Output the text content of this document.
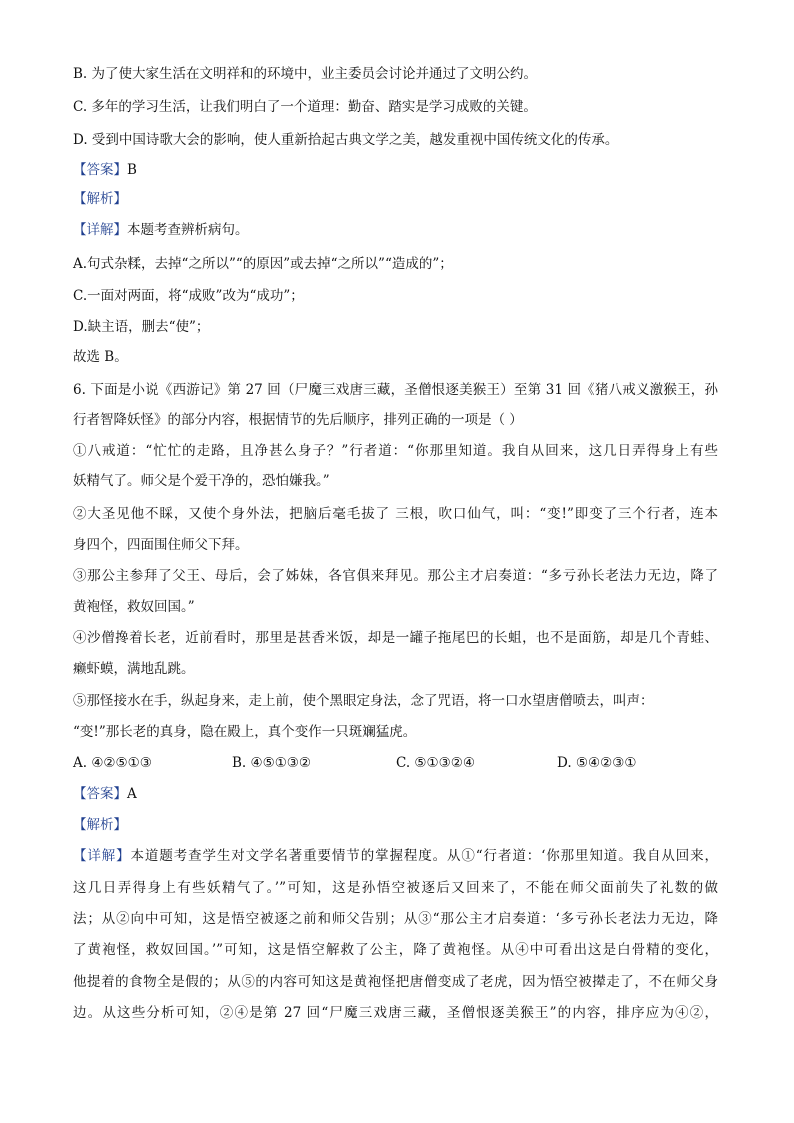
B. 为了使大家生活在文明祥和的环境中，业主委员会讨论并通过了文明公约。
C. 多年的学习生活，让我们明白了一个道理：勤奋、踏实是学习成败的关键。
D. 受到中国诗歌大会的影响，使人重新拾起古典文学之美，越发重视中国传统文化的传承。
【答案】B
【解析】
【详解】本题考查辨析病句。
A.句式杂糅，去掉“之所以”“的原因”或去掉“之所以”“造成的”；
C.一面对两面，将“成败”改为“成功”；
D.缺主语，删去“使”；
故选 B。
6. 下面是小说《西游记》第 27 回（尸魔三戏唐三藏，圣僧恨逐美猴王）至第 31 回《猪八戒义激猴王，孙
行者智降妖怪》的部分内容，根据情节的先后顺序，排列正确的一项是（ ）
①八戒道：“忙忙的走路，且净甚么身子？”行者道：“你那里知道。我自从回来，这几日弄得身上有些
妖精气了。师父是个爱干净的，恐怕嫌我。”
②大圣见他不睬，又使个身外法，把脑后毫毛拔了 三根，吹口仙气，叫：“变!”即变了三个行者，连本
身四个，四面围住师父下拜。
③那公主参拜了父王、母后，会了姊妹，各官俱来拜见。那公主才启奏道：“多亏孙长老法力无边，降了
黄袍怪，救奴回国。”
④沙僧搀着长老，近前看时，那里是甚香米饭，却是一罐子拖尾巴的长蛆，也不是面筋，却是几个青蛙、
癞虾蟆，满地乱跳。
⑤那怪接水在手，纵起身来，走上前，使个黑眼定身法，念了咒语，将一口水望唐僧喷去，叫声：
“变!”那长老的真身，隐在殿上，真个变作一只斑斓猛虎。
A. ④②⑤①③	B. ④⑤①③②	C. ⑤①③②④	D. ⑤④②③①
【答案】A
【解析】
【详解】本道题考查学生对文学名著重要情节的掌握程度。从①“行者道：‘你那里知道。我自从回来，
这几日弄得身上有些妖精气了。’”可知，这是孙悟空被逐后又回来了，不能在师父面前失了礼数的做
法；从②向中可知，这是悟空被逐之前和师父告别；从③“那公主才启奏道：‘多亏孙长老法力无边，降
了黄袍怪，救奴回国。’”可知，这是悟空解救了公主，降了黄袍怪。从④中可看出这是白骨精的变化，
他提着的食物全是假的；从⑤的内容可知这是黄袍怪把唐僧变成了老虎，因为悟空被撵走了，不在师父身
边。从这些分析可知，②④是第 27 回“尸魔三戏唐三藏，圣僧恨逐美猴王”的内容，排序应为④②，
